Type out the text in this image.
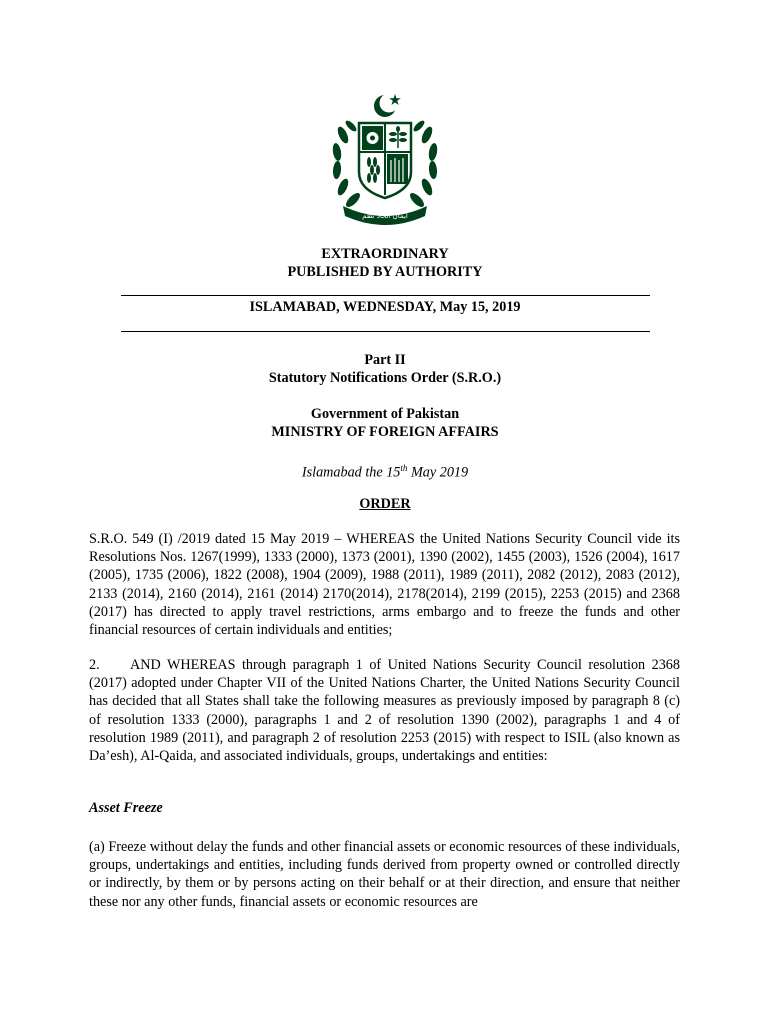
ایمان اتحاد نظم
EXTRAORDINARY
PUBLISHED BY AUTHORITY
ISLAMABAD, WEDNESDAY, May 15, 2019
Part II
Statutory Notifications Order (S.R.O.)
Government of Pakistan
MINISTRY OF FOREIGN AFFAIRS
Islamabad the 15th May 2019
ORDER

S.R.O. 549 (I) /2019 dated 15 May 2019 – WHEREAS the United Nations Security Council vide its Resolutions Nos. 1267(1999), 1333 (2000), 1373 (2001), 1390 (2002), 1455 (2003), 1526 (2004), 1617 (2005), 1735 (2006), 1822 (2008), 1904 (2009), 1988 (2011), 1989 (2011), 2082 (2012), 2083 (2012), 2133 (2014), 2160 (2014), 2161 (2014) 2170(2014), 2178(2014), 2199 (2015), 2253 (2015) and 2368 (2017) has directed to apply travel restrictions, arms embargo and to freeze the funds and other financial resources of certain individuals and entities;

2. AND WHEREAS through paragraph 1 of United Nations Security Council resolution 2368 (2017) adopted under Chapter VII of the United Nations Charter, the United Nations Security Council has decided that all States shall take the following measures as previously imposed by paragraph 8 (c) of resolution 1333 (2000), paragraphs 1 and 2 of resolution 1390 (2002), paragraphs 1 and 4 of resolution 1989 (2011), and paragraph 2 of resolution 2253 (2015) with respect to ISIL (also known as Da’esh), Al-Qaida, and associated individuals, groups, undertakings and entities:

Asset Freeze

(a) Freeze without delay the funds and other financial assets or economic resources of these individuals, groups, undertakings and entities, including funds derived from property owned or controlled directly or indirectly, by them or by persons acting on their behalf or at their direction, and ensure that neither these nor any other funds, financial assets or economic resources are
